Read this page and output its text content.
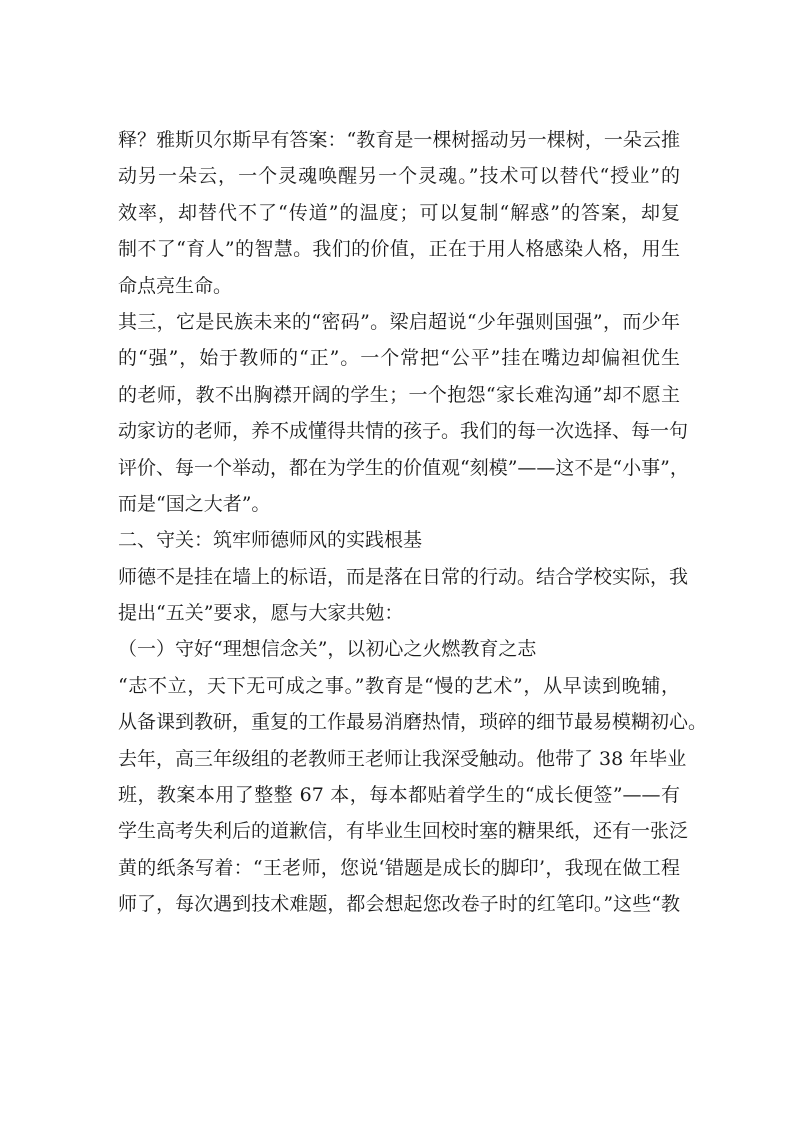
释？雅斯贝尔斯早有答案：“教育是一棵树摇动另一棵树，一朵云推
动另一朵云，一个灵魂唤醒另一个灵魂。”技术可以替代“授业”的
效率，却替代不了“传道”的温度；可以复制“解惑”的答案，却复
制不了“育人”的智慧。我们的价值，正在于用人格感染人格，用生
命点亮生命。
其三，它是民族未来的“密码”。梁启超说“少年强则国强”，而少年
的“强”，始于教师的“正”。一个常把“公平”挂在嘴边却偏袒优生
的老师，教不出胸襟开阔的学生；一个抱怨“家长难沟通”却不愿主
动家访的老师，养不成懂得共情的孩子。我们的每一次选择、每一句
评价、每一个举动，都在为学生的价值观“刻模”——这不是“小事”，
而是“国之大者”。
二、守关：筑牢师德师风的实践根基
师德不是挂在墙上的标语，而是落在日常的行动。结合学校实际，我
提出“五关”要求，愿与大家共勉：
（一）守好“理想信念关”，以初心之火燃教育之志
“志不立，天下无可成之事。”教育是“慢的艺术”，从早读到晚辅，
从备课到教研，重复的工作最易消磨热情，琐碎的细节最易模糊初心。
去年，高三年级组的老教师王老师让我深受触动。他带了 38 年毕业
班，教案本用了整整 67 本，每本都贴着学生的“成长便签”——有
学生高考失利后的道歉信，有毕业生回校时塞的糖果纸，还有一张泛
黄的纸条写着：“王老师，您说‘错题是成长的脚印’，我现在做工程
师了，每次遇到技术难题，都会想起您改卷子时的红笔印。”这些“教
